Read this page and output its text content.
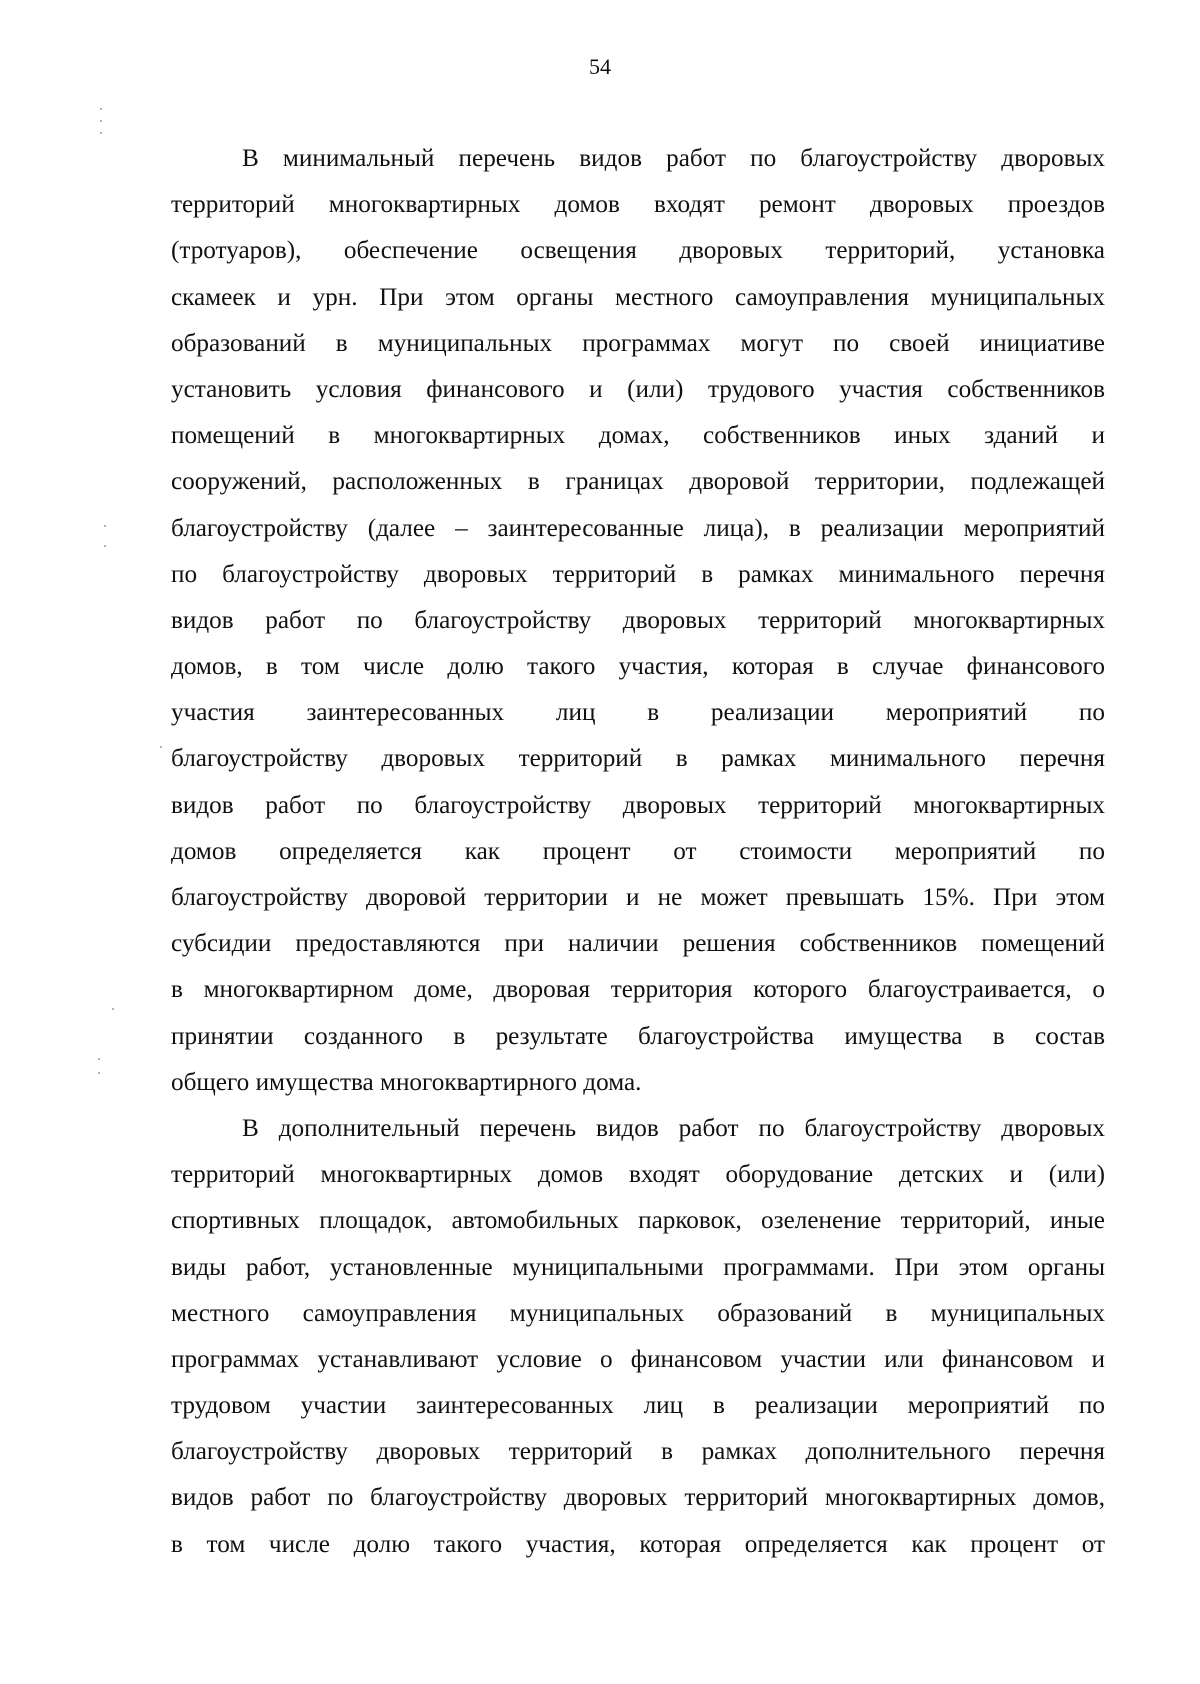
54
В минимальный перечень видов работ по благоустройству дворовых
территорий многоквартирных домов входят ремонт дворовых проездов
(тротуаров), обеспечение освещения дворовых территорий, установка
скамеек и урн. При этом органы местного самоуправления муниципальных
образований в муниципальных программах могут по своей инициативе
установить условия финансового и (или) трудового участия собственников
помещений в многоквартирных домах, собственников иных зданий и
сооружений, расположенных в границах дворовой территории, подлежащей
благоустройству (далее – заинтересованные лица), в реализации мероприятий
по благоустройству дворовых территорий в рамках минимального перечня
видов работ по благоустройству дворовых территорий многоквартирных
домов, в том числе долю такого участия, которая в случае финансового
участия заинтересованных лиц в реализации мероприятий по
благоустройству дворовых территорий в рамках минимального перечня
видов работ по благоустройству дворовых территорий многоквартирных
домов определяется как процент от стоимости мероприятий по
благоустройству дворовой территории и не может превышать 15%. При этом
субсидии предоставляются при наличии решения собственников помещений
в многоквартирном доме, дворовая территория которого благоустраивается, о
принятии созданного в результате благоустройства имущества в состав
общего имущества многоквартирного дома.
В дополнительный перечень видов работ по благоустройству дворовых
территорий многоквартирных домов входят оборудование детских и (или)
спортивных площадок, автомобильных парковок, озеленение территорий, иные
виды работ, установленные муниципальными программами. При этом органы
местного самоуправления муниципальных образований в муниципальных
программах устанавливают условие о финансовом участии или финансовом и
трудовом участии заинтересованных лиц в реализации мероприятий по
благоустройству дворовых территорий в рамках дополнительного перечня
видов работ по благоустройству дворовых территорий многоквартирных домов,
в том числе долю такого участия, которая определяется как процент от
